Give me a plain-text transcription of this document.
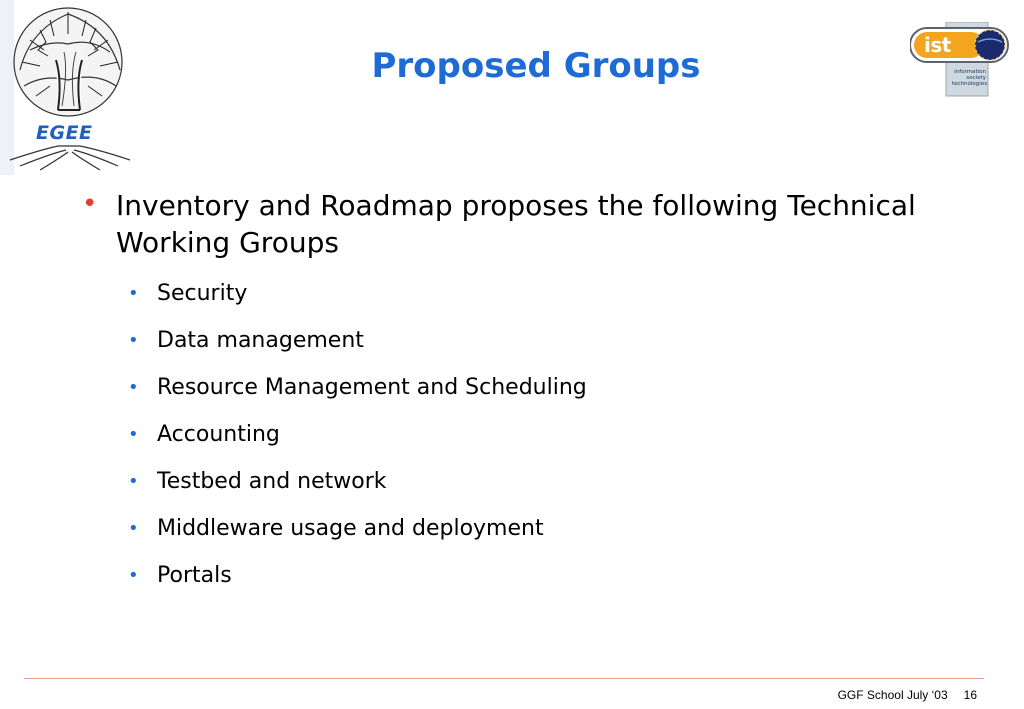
EGEE
ist
information
society
technologies
Proposed Groups
• Inventory and Roadmap proposes the following Technical Working Groups
• Security
• Data management
• Resource Management and Scheduling
• Accounting
• Testbed and network
• Middleware usage and deployment
• Portals
GGF School July ‘03 16
